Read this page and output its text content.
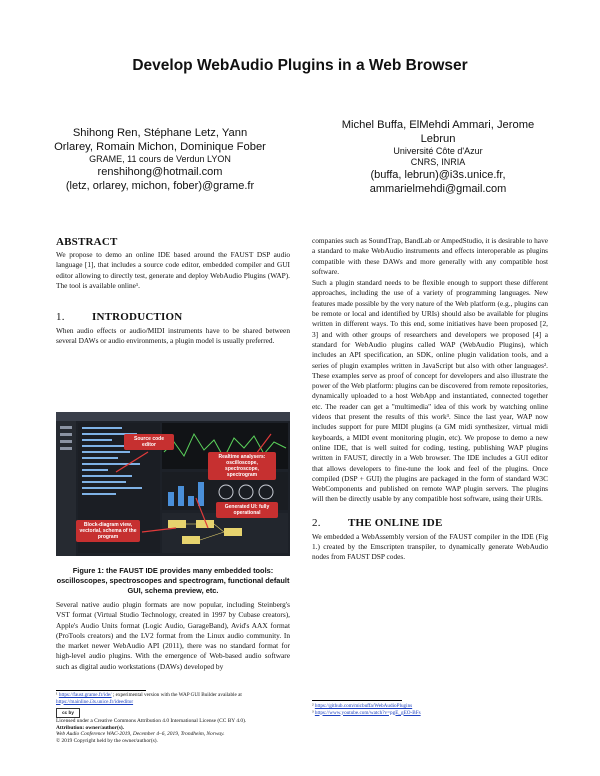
Develop WebAudio Plugins in a Web Browser
Shihong Ren, Stéphane Letz, Yann
Orlarey, Romain Michon, Dominique Fober
GRAME, 11 cours de Verdun LYON
renshihong@hotmail.com
(letz, orlarey, michon, fober)@grame.fr
Michel Buffa, ElMehdi Ammari, Jerome
Lebrun
Université Côte d'Azur
CNRS, INRIA
(buffa, lebrun)@i3s.unice.fr,
ammarielmehdi@gmail.com
ABSTRACT

We propose to demo an online IDE based around the FAUST DSP audio language [1], that includes a source code editor, embedded compiler and GUI editor allowing to directly test, generate and deploy WebAudio Plugins (WAP). The tool is available online¹.

1. INTRODUCTION

When audio effects or audio/MIDI instruments have to be shared between several DAWs or audio environments, a plugin model is usually preferred.

Source code editor
Realtime analysers: oscilloscope, spectroscope, spectrogram
Generated UI: fully operational
Block-diagram view, vectorial, schema of the program
Figure 1: the FAUST IDE provides many embedded tools: oscilloscopes, spectroscopes and spectrogram, functional default GUI, schema preview, etc.

Several native audio plugin formats are now popular, including Steinberg's VST format (Virtual Studio Technology, created in 1997 by Cubase creators), Apple's Audio Units format (Logic Audio, GarageBand), Avid's AAX format (ProTools creators) and the LV2 format from the Linux audio community. In the market newer WebAudio API (2011), there was no standard format for high-level audio plugins. With the emergence of Web-based audio software such as digital audio workstations (DAWs) developed by

¹ https://faust.grame.fr/ide/ ; experimental version with the WAP GUI Builder available at https://mainline.i3s.unice.fr/ideeditor
cc by
Licensed under a Creative Commons Attribution 4.0 International License (CC BY 4.0).
Attribution: owner/author(s).
Web Audio Conference WAC-2019, December 4–6, 2019, Trondheim, Norway.
© 2019 Copyright held by the owner/author(s).

companies such as SoundTrap, BandLab or AmpedStudio, it is desirable to have a standard to make WebAudio instruments and effects interoperable as plugins compatible with these DAWs and more generally with any compatible host software.

Such a plugin standard needs to be flexible enough to support these different approaches, including the use of a variety of programming languages. New features made possible by the very nature of the Web platform (e.g., plugins can be remote or local and identified by URIs) should also be available for plugins written in different ways. To this end, some initiatives have been proposed [2, 3] and with other groups of researchers and developers we proposed [4] a standard for WebAudio plugins called WAP (WebAudio Plugins), which includes an API specification, an SDK, online plugin validation tools, and a series of plugin examples written in JavaScript but also with other languages². These examples serve as proof of concept for developers and also illustrate the power of the Web platform: plugins can be discovered from remote repositories, dynamically uploaded to a host WebApp and instantiated, connected together etc. The reader can get a "multimedia" idea of this work by watching online videos that present the results of this work³. Since the last year, WAP now includes support for pure MIDI plugins (a GM midi synthesizer, virtual midi keyboards, a MIDI event monitoring plugin, etc). We propose to demo a new online IDE, that is well suited for coding, testing, publishing WAP plugins written in FAUST, directly in a Web browser. The IDE includes a GUI editor that allows developers to fine-tune the look and feel of the plugins. Once compiled (DSP + GUI) the plugins are packaged in the form of standard W3C WebComponents and published on remote WAP plugin servers. The plugins will then be directly usable by any compatible host software, using their URIs.

2. THE ONLINE IDE

We embedded a WebAssembly version of the FAUST compiler in the IDE (Fig 1.) created by the Emscripten transpiler, to dynamically generate WebAudio nodes from FAUST DSP codes.

² https://github.com/micbuffa/WebAudioPlugins
³ https://www.youtube.com/watch?v=pgE_gEO-BFs
